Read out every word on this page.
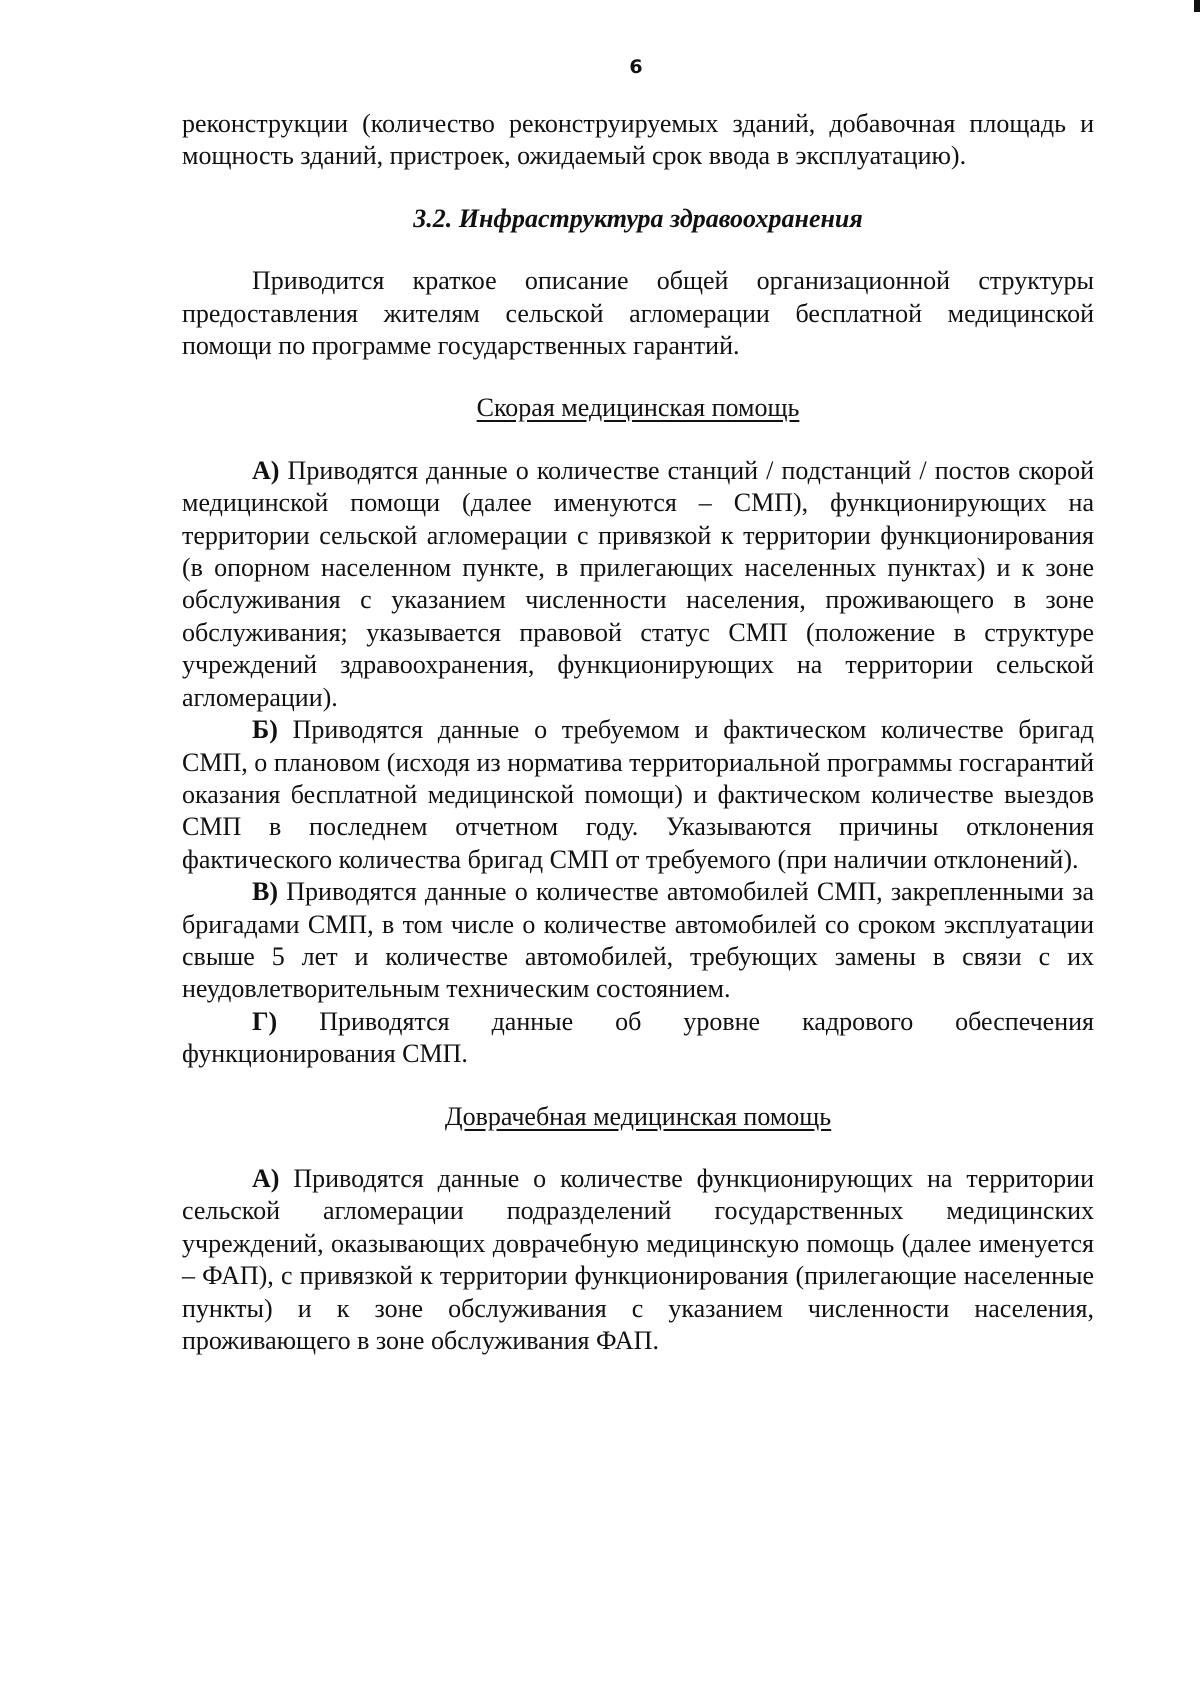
6

реконструкции (количество реконструируемых зданий, добавочная площадь и мощность зданий, пристроек, ожидаемый срок ввода в эксплуатацию).

3.2. Инфраструктура здравоохранения

Приводится краткое описание общей организационной структуры предоставления жителям сельской агломерации бесплатной медицинской помощи по программе государственных гарантий.

Скорая медицинская помощь

А) Приводятся данные о количестве станций / подстанций / постов скорой медицинской помощи (далее именуются – СМП), функционирующих на территории сельской агломерации с привязкой к территории функционирования (в опорном населенном пункте, в прилегающих населенных пунктах) и к зоне обслуживания с указанием численности населения, проживающего в зоне обслуживания; указывается правовой статус СМП (положение в структуре учреждений здравоохранения, функционирующих на территории сельской агломерации).

Б) Приводятся данные о требуемом и фактическом количестве бригад СМП, о плановом (исходя из норматива территориальной программы госгарантий оказания бесплатной медицинской помощи) и фактическом количестве выездов СМП в последнем отчетном году. Указываются причины отклонения фактического количества бригад СМП от требуемого (при наличии отклонений).

В) Приводятся данные о количестве автомобилей СМП, закрепленными за бригадами СМП, в том числе о количестве автомобилей со сроком эксплуатации свыше 5 лет и количестве автомобилей, требующих замены в связи с их неудовлетворительным техническим состоянием.

Г) Приводятся данные об уровне кадрового обеспечения функционирования СМП.

Доврачебная медицинская помощь

А) Приводятся данные о количестве функционирующих на территории сельской агломерации подразделений государственных медицинских учреждений, оказывающих доврачебную медицинскую помощь (далее именуется – ФАП), с привязкой к территории функционирования (прилегающие населенные пункты) и к зоне обслуживания с указанием численности населения, проживающего в зоне обслуживания ФАП.
